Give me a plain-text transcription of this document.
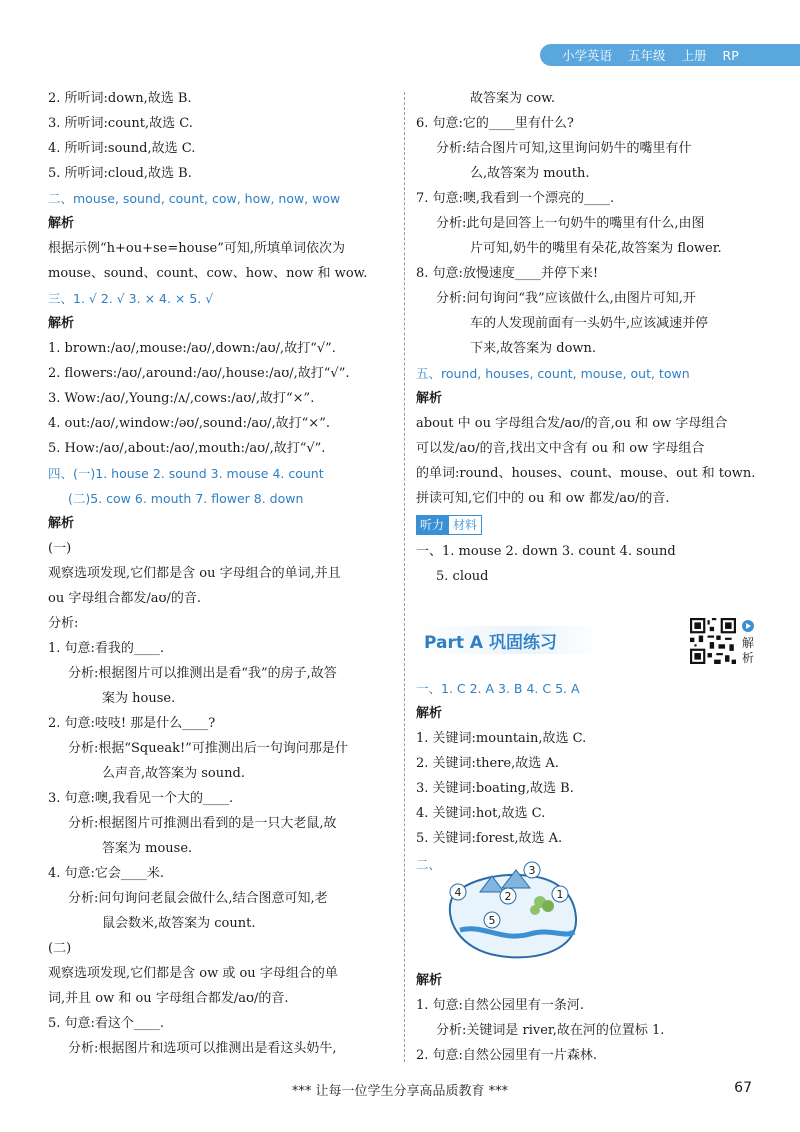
小学英语 五年级 上册 RP
2. 所听词:down,故选 B.
3. 所听词:count,故选 C.
4. 所听词:sound,故选 C.
5. 所听词:cloud,故选 B.
二、mouse, sound, count, cow, how, now, wow
解析
根据示例“h+ou+se=house”可知,所填单词依次为
mouse、sound、count、cow、how、now 和 wow.
三、1. √ 2. √ 3. × 4. × 5. √
解析
1. brown:/aʊ/,mouse:/aʊ/,down:/aʊ/,故打“√”.
2. flowers:/aʊ/,around:/aʊ/,house:/aʊ/,故打“√”.
3. Wow:/aʊ/,Young:/ʌ/,cows:/aʊ/,故打“×”.
4. out:/aʊ/,window:/əʊ/,sound:/aʊ/,故打“×”.
5. How:/aʊ/,about:/aʊ/,mouth:/aʊ/,故打“√”.
四、(一)1. house 2. sound 3. mouse 4. count
(二)5. cow 6. mouth 7. flower 8. down
解析
(一)
观察选项发现,它们都是含 ou 字母组合的单词,并且
ou 字母组合都发/aʊ/的音.
分析:
1. 句意:看我的____.
分析:根据图片可以推测出是看“我”的房子,故答
案为 house.
2. 句意:吱吱! 那是什么____?
分析:根据“Squeak!”可推测出后一句询问那是什
么声音,故答案为 sound.
3. 句意:噢,我看见一个大的____.
分析:根据图片可推测出看到的是一只大老鼠,故
答案为 mouse.
4. 句意:它会____米.
分析:问句询问老鼠会做什么,结合图意可知,老
鼠会数米,故答案为 count.
(二)
观察选项发现,它们都是含 ow 或 ou 字母组合的单
词,并且 ow 和 ou 字母组合都发/aʊ/的音.
5. 句意:看这个____.
分析:根据图片和选项可以推测出是看这头奶牛,
故答案为 cow.
6. 句意:它的____里有什么?
分析:结合图片可知,这里询问奶牛的嘴里有什
么,故答案为 mouth.
7. 句意:噢,我看到一个漂亮的____.
分析:此句是回答上一句奶牛的嘴里有什么,由图
片可知,奶牛的嘴里有朵花,故答案为 flower.
8. 句意:放慢速度____并停下来!
分析:问句询问“我”应该做什么,由图片可知,开
车的人发现前面有一头奶牛,应该减速并停
下来,故答案为 down.
五、round, houses, count, mouse, out, town
解析
about 中 ou 字母组合发/aʊ/的音,ou 和 ow 字母组合
可以发/aʊ/的音,找出文中含有 ou 和 ow 字母组合
的单词:round、houses、count、mouse、out 和 town.
拼读可知,它们中的 ou 和 ow 都发/aʊ/的音.
听力 材料
一、1. mouse 2. down 3. count 4. sound
5. cloud
Part A 巩固练习	解析
一、1. C 2. A 3. B 4. C 5. A
解析
1. 关键词:mountain,故选 C.
2. 关键词:there,故选 A.
3. 关键词:boating,故选 B.
4. 关键词:hot,故选 C.
5. 关键词:forest,故选 A.
二、
1
2
3
4
5
解析
1. 句意:自然公园里有一条河.
分析:关键词是 river,故在河的位置标 1.
2. 句意:自然公园里有一片森林.
*** 让每一位学生分享高品质教育 ***	67
